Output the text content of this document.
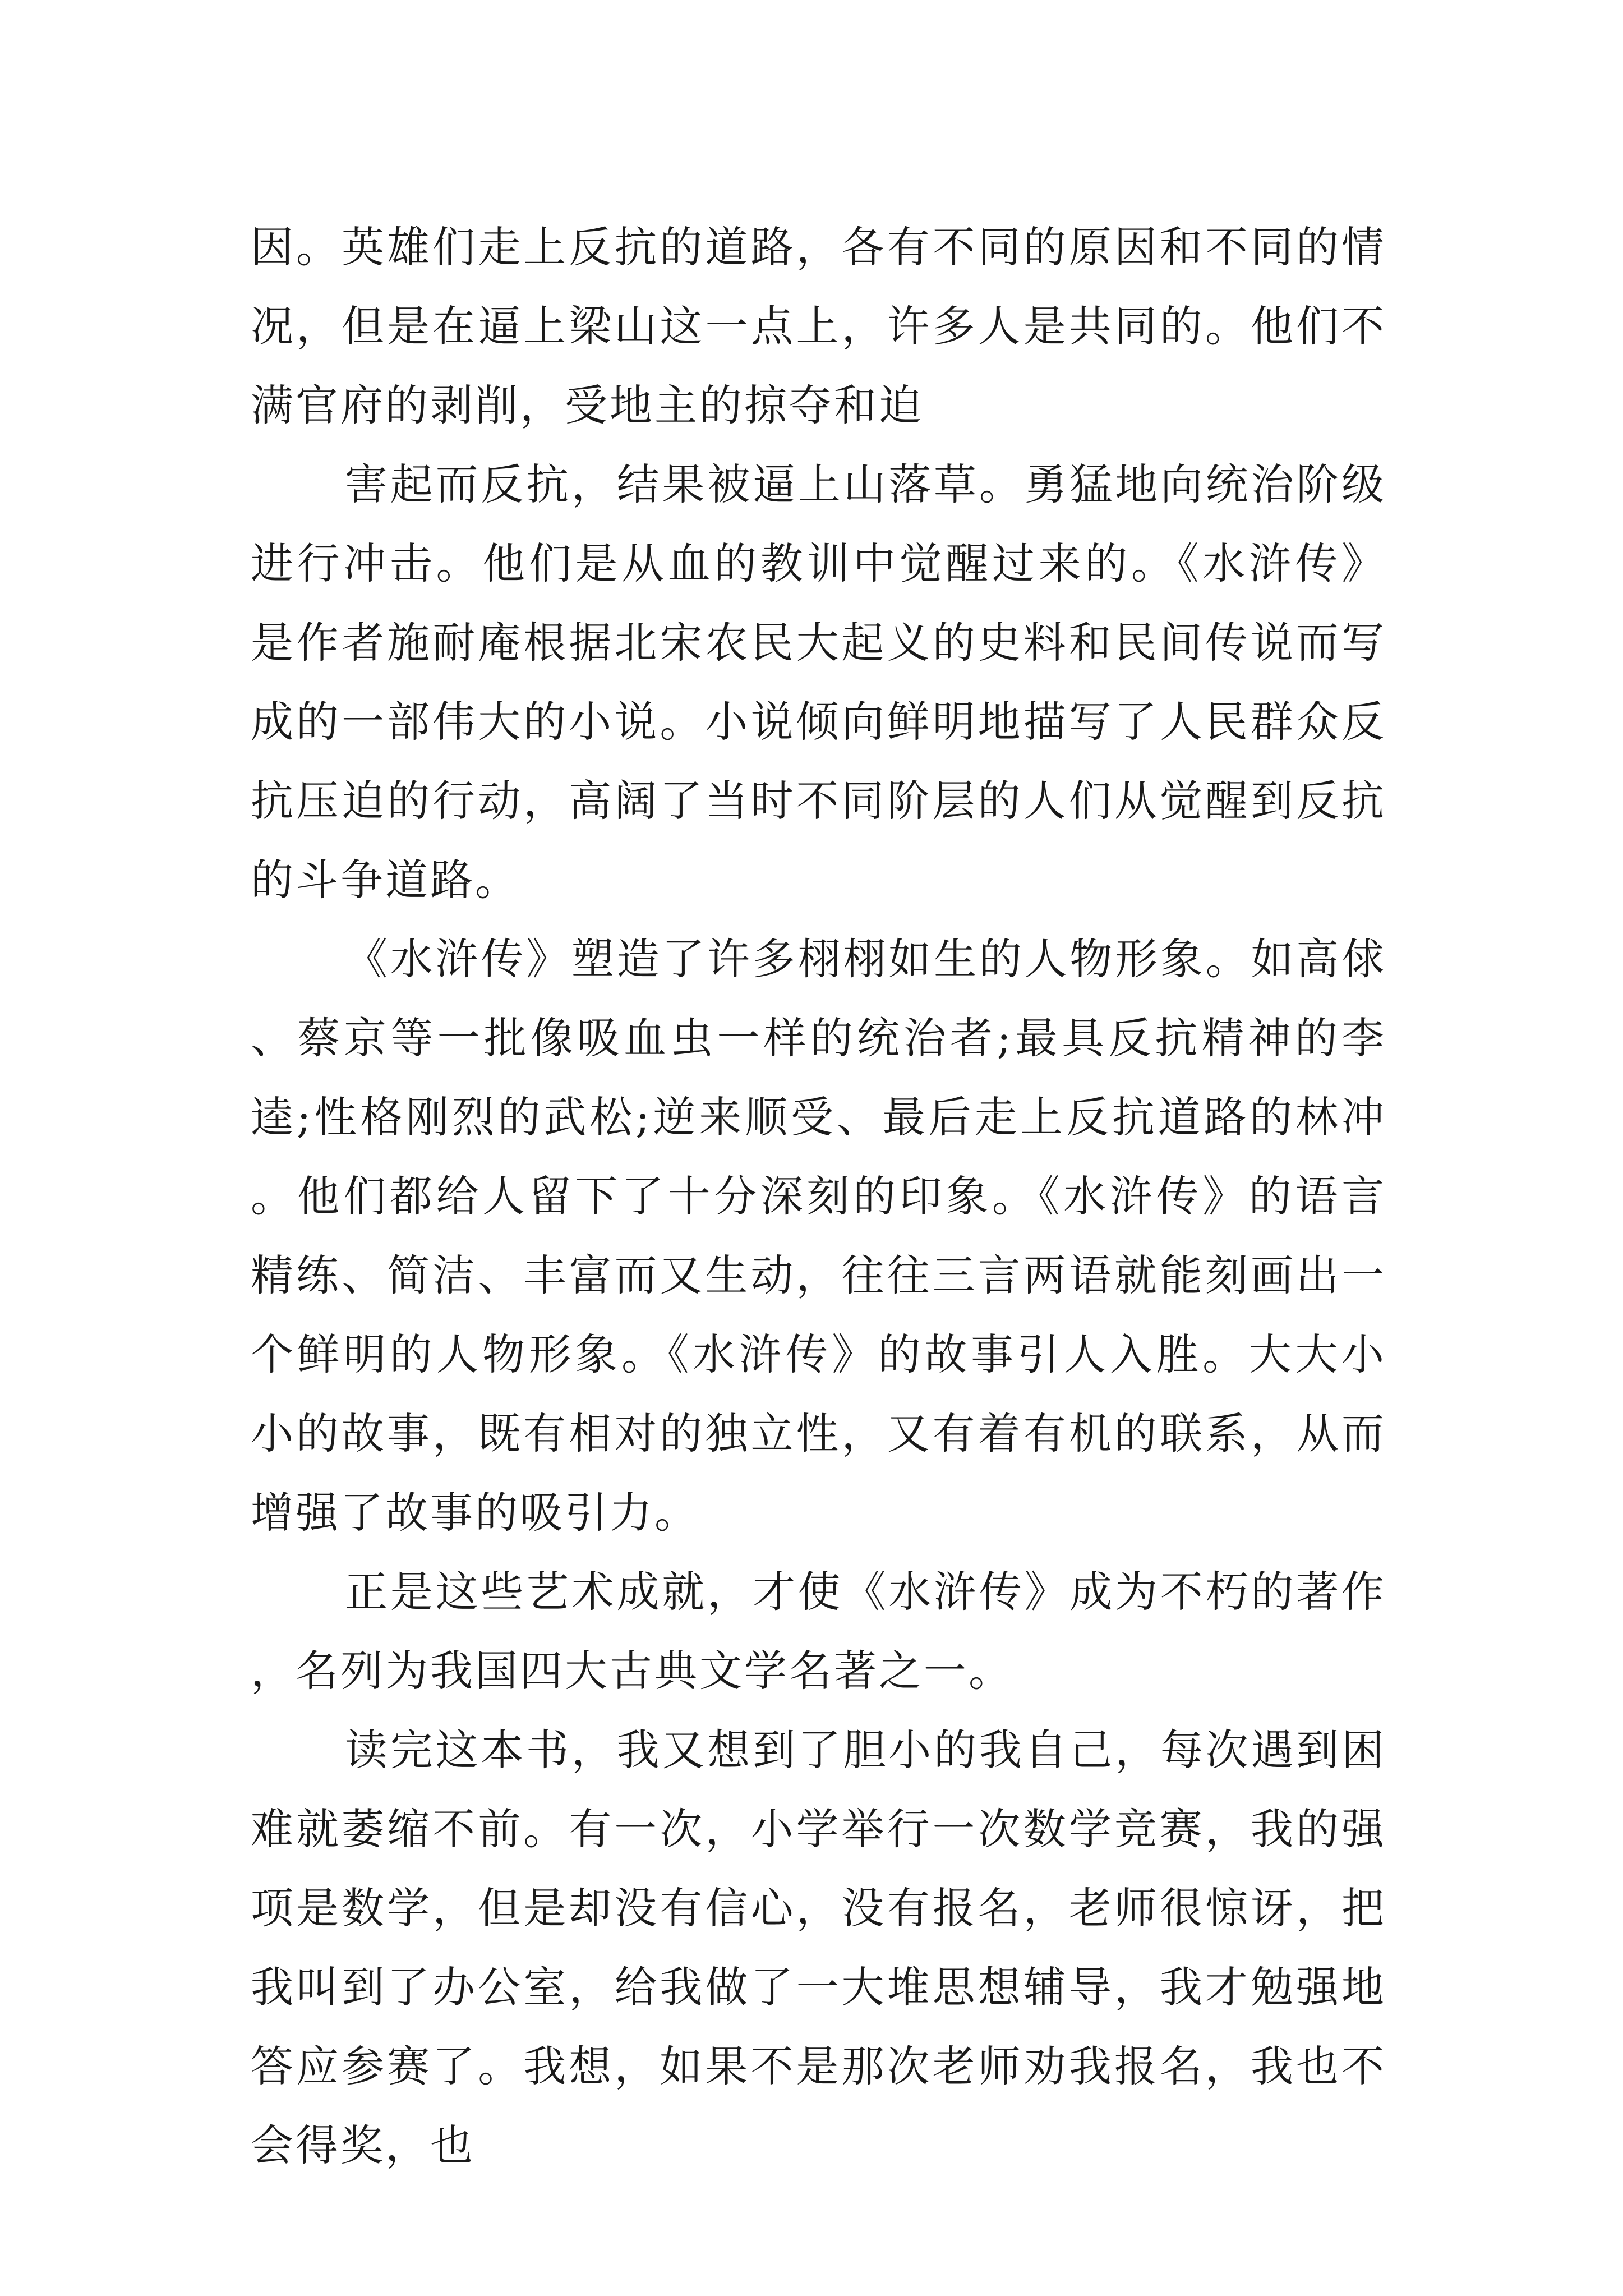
因。英雄们走上反抗的道路，各有不同的原因和不同的情况，但是在逼上梁山这一点上，许多人是共同的。他们不满官府的剥削，受地主的掠夺和迫

害起而反抗，结果被逼上山落草。勇猛地向统治阶级进行冲击。他们是从血的教训中觉醒过来的。《水浒传》是作者施耐庵根据北宋农民大起义的史料和民间传说而写成的一部伟大的小说。小说倾向鲜明地描写了人民群众反抗压迫的行动，高阔了当时不同阶层的人们从觉醒到反抗的斗争道路。

《水浒传》塑造了许多栩栩如生的人物形象。如高俅、蔡京等一批像吸血虫一样的统治者;最具反抗精神的李逵;性格刚烈的武松;逆来顺受、最后走上反抗道路的林冲。他们都给人留下了十分深刻的印象。《水浒传》的语言精练、简洁、丰富而又生动，往往三言两语就能刻画出一个鲜明的人物形象。《水浒传》的故事引人入胜。大大小小的故事，既有相对的独立性，又有着有机的联系，从而增强了故事的吸引力。

正是这些艺术成就，才使《水浒传》成为不朽的著作，名列为我国四大古典文学名著之一。

读完这本书，我又想到了胆小的我自己，每次遇到困难就萎缩不前。有一次，小学举行一次数学竞赛，我的强项是数学，但是却没有信心，没有报名，老师很惊讶，把我叫到了办公室，给我做了一大堆思想辅导，我才勉强地答应参赛了。我想，如果不是那次老师劝我报名，我也不会得奖，也
